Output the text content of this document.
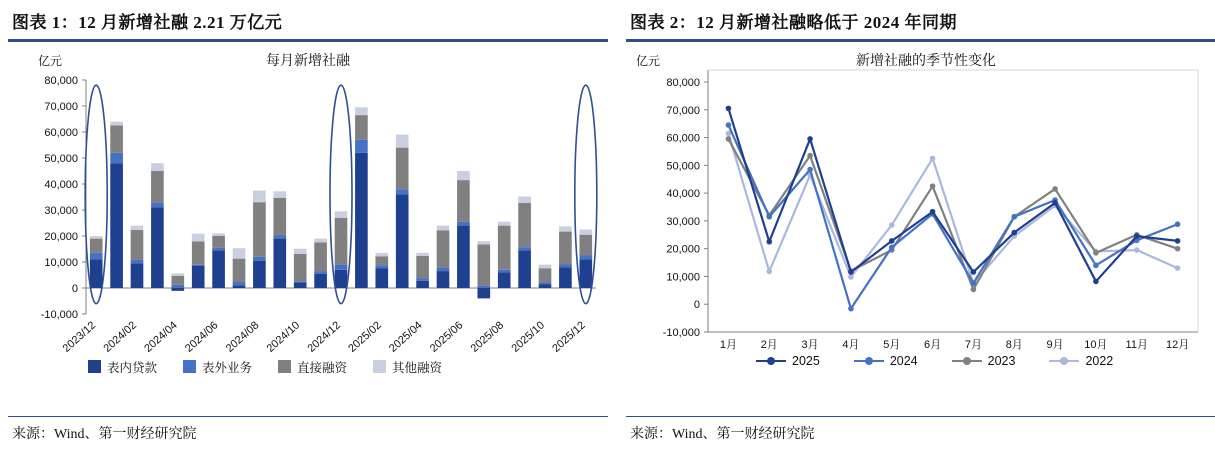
图表 1：12 月新增社融 2.21 万亿元
亿元	每月新增社融
-10,000
0
10,000
20,000
30,000
40,000
50,000
60,000
70,000
80,000
2023/12 2024/02 2024/04 2024/06 2024/08 2024/10 2024/12 2025/02 2025/04 2025/06 2025/08 2025/10 2025/12
表内贷款	表外业务	直接融资	其他融资
来源：Wind、第一财经研究院
图表 2：12 月新增社融略低于 2024 年同期
亿元	新增社融的季节性变化
-10,000
0
10,000
20,000
30,000
40,000
50,000
60,000
70,000
80,000
1月 2月 3月 4月 5月 6月 7月 8月 9月 10月 11月 12月
2025	2024	2023	2022
来源：Wind、第一财经研究院
